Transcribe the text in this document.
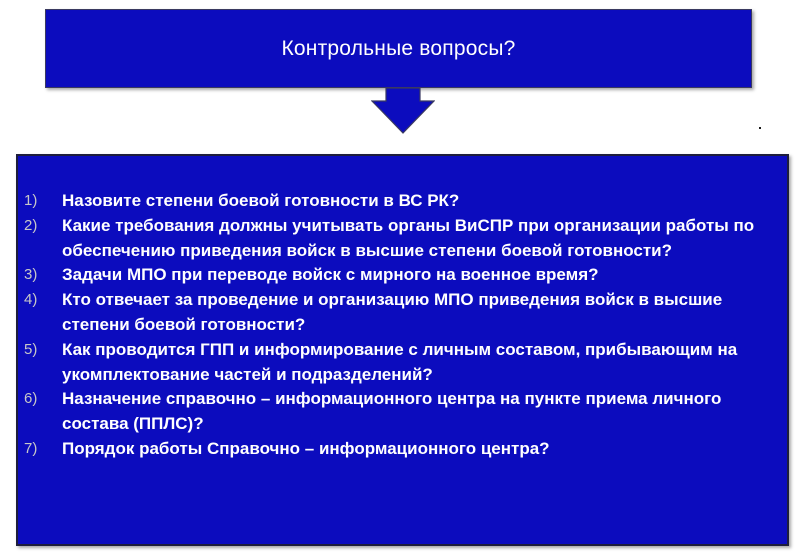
Контрольные вопросы?
1)	Назовите степени боевой готовности в ВС РК?
2)	Какие требования должны учитывать органы ВиСПР при организации работы по обеспечению приведения войск в высшие степени боевой готовности?
3)	Задачи МПО при переводе войск с мирного на военное время?
4)	Кто отвечает за проведение и организацию МПО приведения войск в высшие степени боевой готовности?
5)	Как проводится ГПП и информирование с личным составом, прибывающим на укомплектование частей и подразделений?
6)	Назначение справочно – информационного центра на пункте приема личного состава (ППЛС)?
7)	Порядок работы Справочно – информационного центра?
